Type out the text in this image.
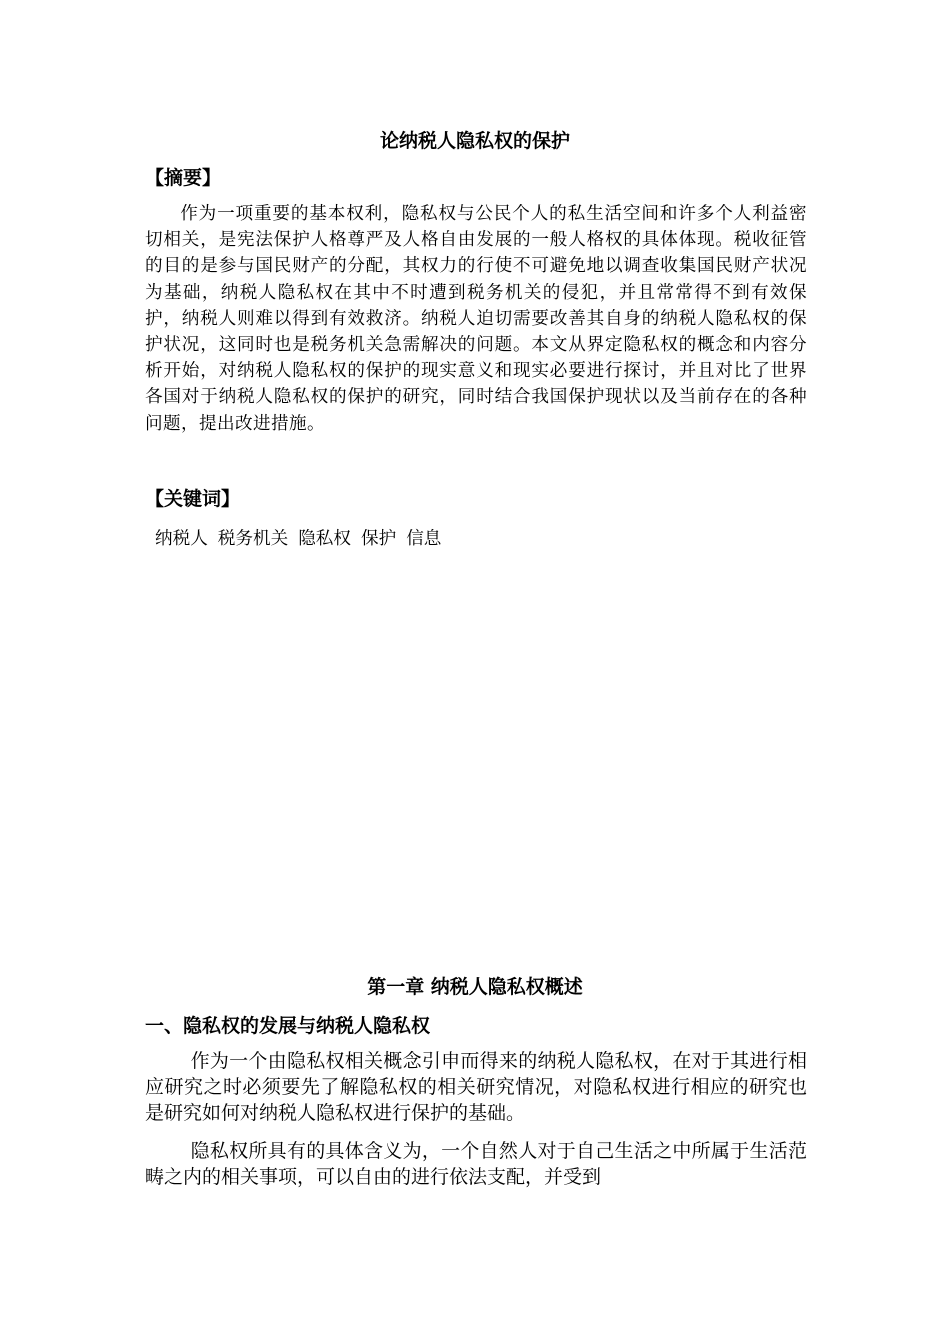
论纳税人隐私权的保护
【摘要】

作为一项重要的基本权利，隐私权与公民个人的私生活空间和许多个人利益密切相关，是宪法保护人格尊严及人格自由发展的一般人格权的具体体现。税收征管的目的是参与国民财产的分配，其权力的行使不可避免地以调查收集国民财产状况为基础，纳税人隐私权在其中不时遭到税务机关的侵犯，并且常常得不到有效保护，纳税人则难以得到有效救济。纳税人迫切需要改善其自身的纳税人隐私权的保护状况，这同时也是税务机关急需解决的问题。本文从界定隐私权的概念和内容分析开始，对纳税人隐私权的保护的现实意义和现实必要进行探讨，并且对比了世界各国对于纳税人隐私权的保护的研究，同时结合我国保护现状以及当前存在的各种问题，提出改进措施。

【关键词】
纳税人 税务机关 隐私权 保护 信息
第一章 纳税人隐私权概述
一、隐私权的发展与纳税人隐私权

作为一个由隐私权相关概念引申而得来的纳税人隐私权，在对于其进行相应研究之时必须要先了解隐私权的相关研究情况，对隐私权进行相应的研究也是研究如何对纳税人隐私权进行保护的基础。

隐私权所具有的具体含义为，一个自然人对于自己生活之中所属于生活范畴之内的相关事项，可以自由的进行依法支配，并受到
